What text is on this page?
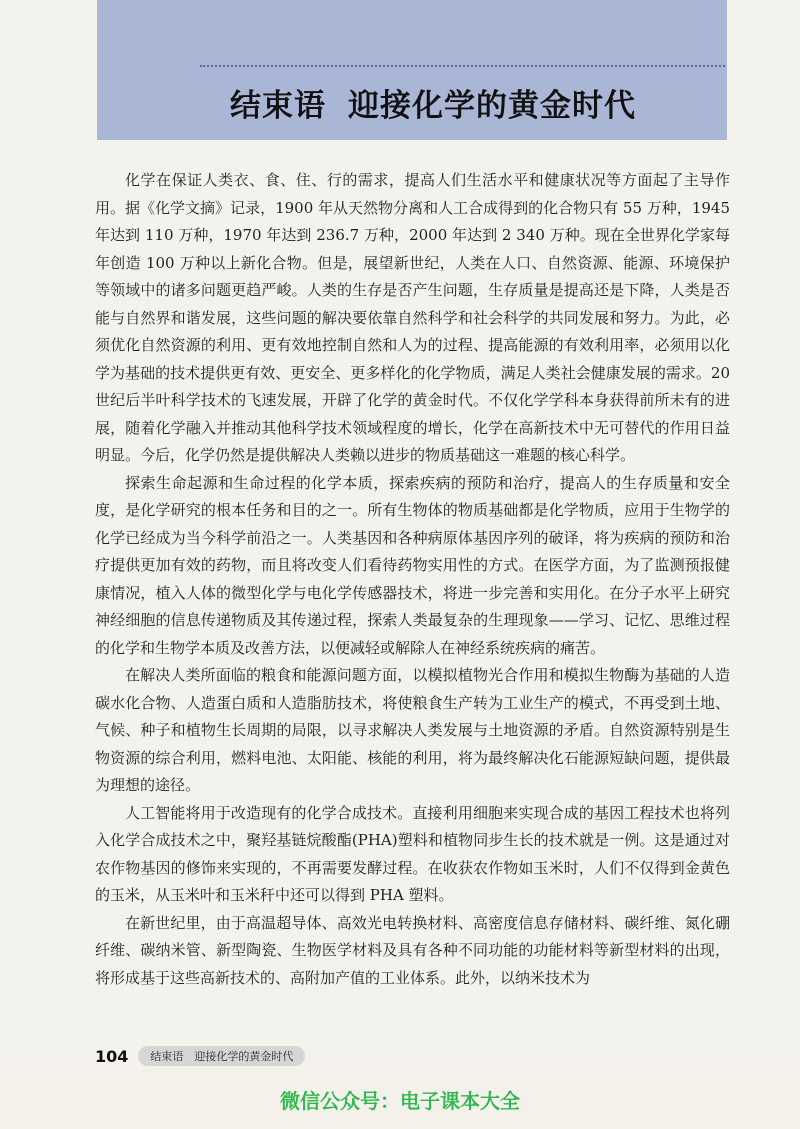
结束语 迎接化学的黄金时代

化学在保证人类衣、食、住、行的需求，提高人们生活水平和健康状况等方面起了主导作用。据《化学文摘》记录，1900 年从天然物分离和人工合成得到的化合物只有 55 万种，1945 年达到 110 万种，1970 年达到 236.7 万种，2000 年达到 2 340 万种。现在全世界化学家每年创造 100 万种以上新化合物。但是，展望新世纪，人类在人口、自然资源、能源、环境保护等领域中的诸多问题更趋严峻。人类的生存是否产生问题，生存质量是提高还是下降，人类是否能与自然界和谐发展，这些问题的解决要依靠自然科学和社会科学的共同发展和努力。为此，必须优化自然资源的利用、更有效地控制自然和人为的过程、提高能源的有效利用率，必须用以化学为基础的技术提供更有效、更安全、更多样化的化学物质，满足人类社会健康发展的需求。20 世纪后半叶科学技术的飞速发展，开辟了化学的黄金时代。不仅化学学科本身获得前所未有的进展，随着化学融入并推动其他科学技术领域程度的增长，化学在高新技术中无可替代的作用日益明显。今后，化学仍然是提供解决人类赖以进步的物质基础这一难题的核心科学。

探索生命起源和生命过程的化学本质，探索疾病的预防和治疗，提高人的生存质量和安全度，是化学研究的根本任务和目的之一。所有生物体的物质基础都是化学物质，应用于生物学的化学已经成为当今科学前沿之一。人类基因和各种病原体基因序列的破译，将为疾病的预防和治疗提供更加有效的药物，而且将改变人们看待药物实用性的方式。在医学方面，为了监测预报健康情况，植入人体的微型化学与电化学传感器技术，将进一步完善和实用化。在分子水平上研究神经细胞的信息传递物质及其传递过程，探索人类最复杂的生理现象——学习、记忆、思维过程的化学和生物学本质及改善方法，以便减轻或解除人在神经系统疾病的痛苦。

在解决人类所面临的粮食和能源问题方面，以模拟植物光合作用和模拟生物酶为基础的人造碳水化合物、人造蛋白质和人造脂肪技术，将使粮食生产转为工业生产的模式，不再受到土地、气候、种子和植物生长周期的局限，以寻求解决人类发展与土地资源的矛盾。自然资源特别是生物资源的综合利用，燃料电池、太阳能、核能的利用，将为最终解决化石能源短缺问题，提供最为理想的途径。

人工智能将用于改造现有的化学合成技术。直接利用细胞来实现合成的基因工程技术也将列入化学合成技术之中，聚羟基链烷酸酯(PHA)塑料和植物同步生长的技术就是一例。这是通过对农作物基因的修饰来实现的，不再需要发酵过程。在收获农作物如玉米时，人们不仅得到金黄色的玉米，从玉米叶和玉米秆中还可以得到 PHA 塑料。

在新世纪里，由于高温超导体、高效光电转换材料、高密度信息存储材料、碳纤维、氮化硼纤维、碳纳米管、新型陶瓷、生物医学材料及具有各种不同功能的功能材料等新型材料的出现，将形成基于这些高新技术的、高附加产值的工业体系。此外，以纳米技术为

104	结束语　迎接化学的黄金时代
微信公众号：电子课本大全
